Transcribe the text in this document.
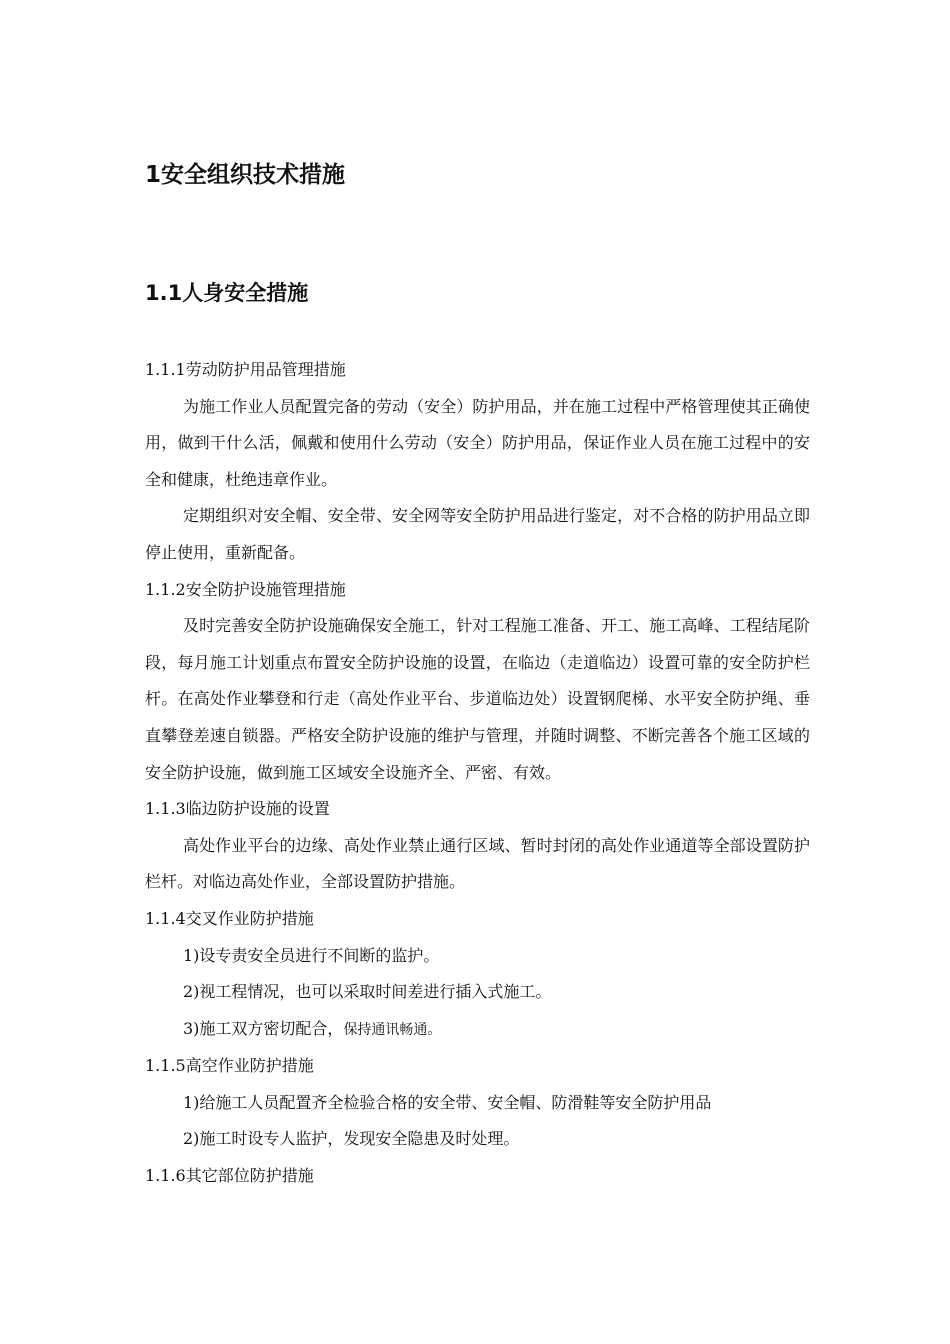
1安全组织技术措施
1.1人身安全措施
1.1.1劳动防护用品管理措施
为施工作业人员配置完备的劳动（安全）防护用品，并在施工过程中严格管理使其正确使用，做到干什么活，佩戴和使用什么劳动（安全）防护用品，保证作业人员在施工过程中的安全和健康，杜绝违章作业。
定期组织对安全帽、安全带、安全网等安全防护用品进行鉴定，对不合格的防护用品立即停止使用，重新配备。
1.1.2安全防护设施管理措施
及时完善安全防护设施确保安全施工，针对工程施工准备、开工、施工高峰、工程结尾阶段，每月施工计划重点布置安全防护设施的设置，在临边（走道临边）设置可靠的安全防护栏杆。在高处作业攀登和行走（高处作业平台、步道临边处）设置钢爬梯、水平安全防护绳、垂直攀登差速自锁器。严格安全防护设施的维护与管理，并随时调整、不断完善各个施工区域的安全防护设施，做到施工区域安全设施齐全、严密、有效。
1.1.3临边防护设施的设置
高处作业平台的边缘、高处作业禁止通行区域、暂时封闭的高处作业通道等全部设置防护栏杆。对临边高处作业，全部设置防护措施。
1.1.4交叉作业防护措施
1)设专责安全员进行不间断的监护。
2)视工程情况，也可以采取时间差进行插入式施工。
3)施工双方密切配合，保持通讯畅通。
1.1.5高空作业防护措施
1)给施工人员配置齐全检验合格的安全带、安全帽、防滑鞋等安全防护用品
2)施工时设专人监护，发现安全隐患及时处理。
1.1.6其它部位防护措施
